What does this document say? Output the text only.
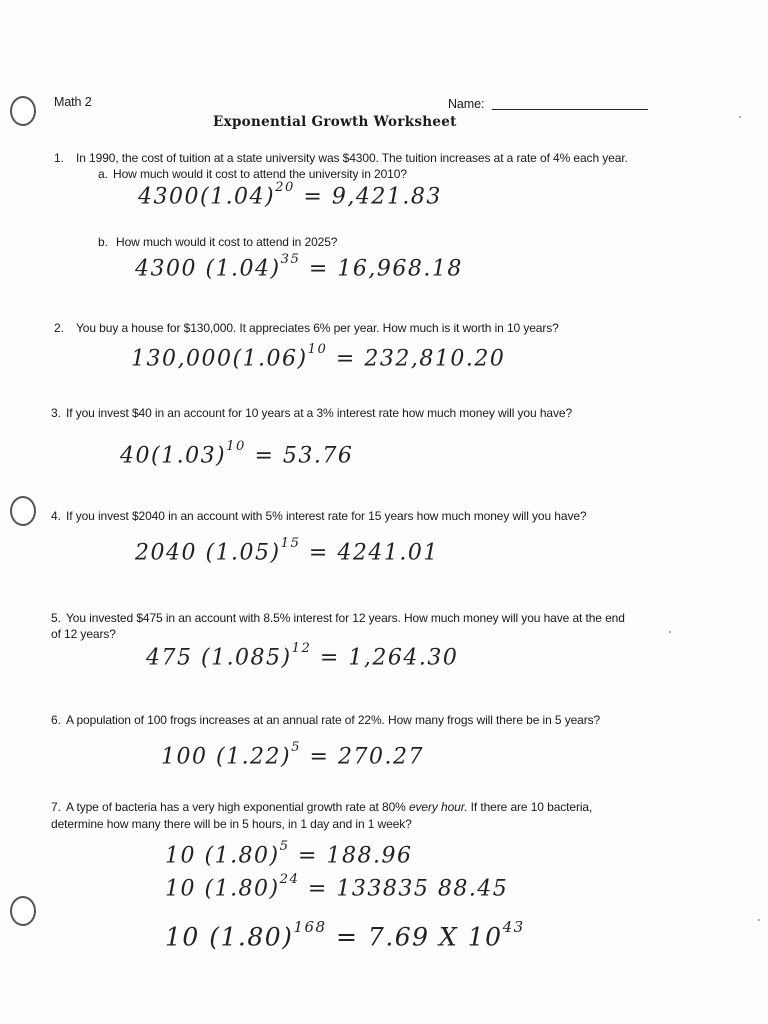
Math 2	Name:
Exponential Growth Worksheet
1. In 1990, the cost of tuition at a state university was $4300. The tuition increases at a rate of 4% each year.
a. How much would it cost to attend the university in 2010?
$4300(1.04)^{20} = 9,421.83$
b. How much would it cost to attend in 2025?
4300 $(1.04)^{35} = 16,968.18$
2. You buy a house for $130,000. It appreciates 6% per year. How much is it worth in 10 years?
$130,000(1.06)^{10} = 232,810.20$
3. If you invest $40 in an account for 10 years at a 3% interest rate how much money will you have?
$40(1.03)^{10} = 53.76$
4. If you invest $2040 in an account with 5% interest rate for 15 years how much money will you have?
2040 $(1.05)^{15} = 4241.01$
5. You invested $475 in an account with 8.5% interest for 12 years. How much money will you have at the end
of 12 years?
475 $(1.085)^{12} = 1,264.30$
6. A population of 100 frogs increases at an annual rate of 22%. How many frogs will there be in 5 years?
100 $(1.22)^5 = 270.27$
7. A type of bacteria has a very high exponential growth rate at 80% every hour. If there are 10 bacteria,
determine how many there will be in 5 hours, in 1 day and in 1 week?
10 $(1.80)^5 = 188.96$
10 $(1.80)^{24} = 133835$ 88.45
10 $(1.80)^{168} = 7.69$ X $10^{43}$
